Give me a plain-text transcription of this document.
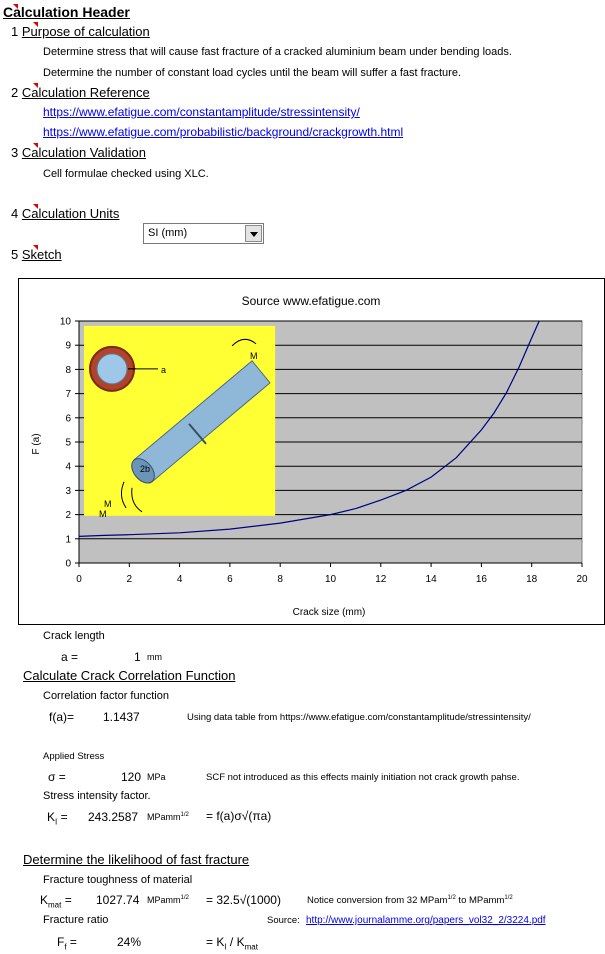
Calculation Header
1 Purpose of calculation
Determine stress that will cause fast fracture of a cracked aluminium beam under bending loads.
Determine the number of constant load cycles until the beam will suffer a fast fracture.
2 Calculation Reference
https://www.efatigue.com/constantamplitude/stressintensity/
https://www.efatigue.com/probabilistic/background/crackgrowth.html
3 Calculation Validation
Cell formulae checked using XLC.
4 Calculation Units
SI (mm)
5 Sketch
0
1
2
3
4
5
6
7
8
9
10
0	2	4	6	8	10	12	14	16	18	20
a
M
2b
M
M
Source www.efatigue.com
Crack size (mm)
F (a)
Crack length
a =	1 mm
Calculate Crack Correlation Function
Correlation factor function
f(a)= 1.1437	Using data table from https://www.efatigue.com/constantamplitude/stressintensity/
Applied Stress
σ =	120 MPa	SCF not introduced as this effects mainly initiation not crack growth pahse.
Stress intensity factor.
$K_I = 243.2587$ MPamm$^{1/2}$ = f(a)σ√(πa)
Determine the likelihood of fast fracture
Fracture toughness of material
$K_{mat} = 1027.74$ MPamm$^{1/2}$ = 32.5√(1000)	Notice conversion from 32 MPam$^{1/2}$ to MPamm$^{1/2}$
Fracture ratio	Source: http://www.journalamme.org/papers_vol32_2/3224.pdf
$F_f$ =	24%	= $K_I / K_{mat}$
